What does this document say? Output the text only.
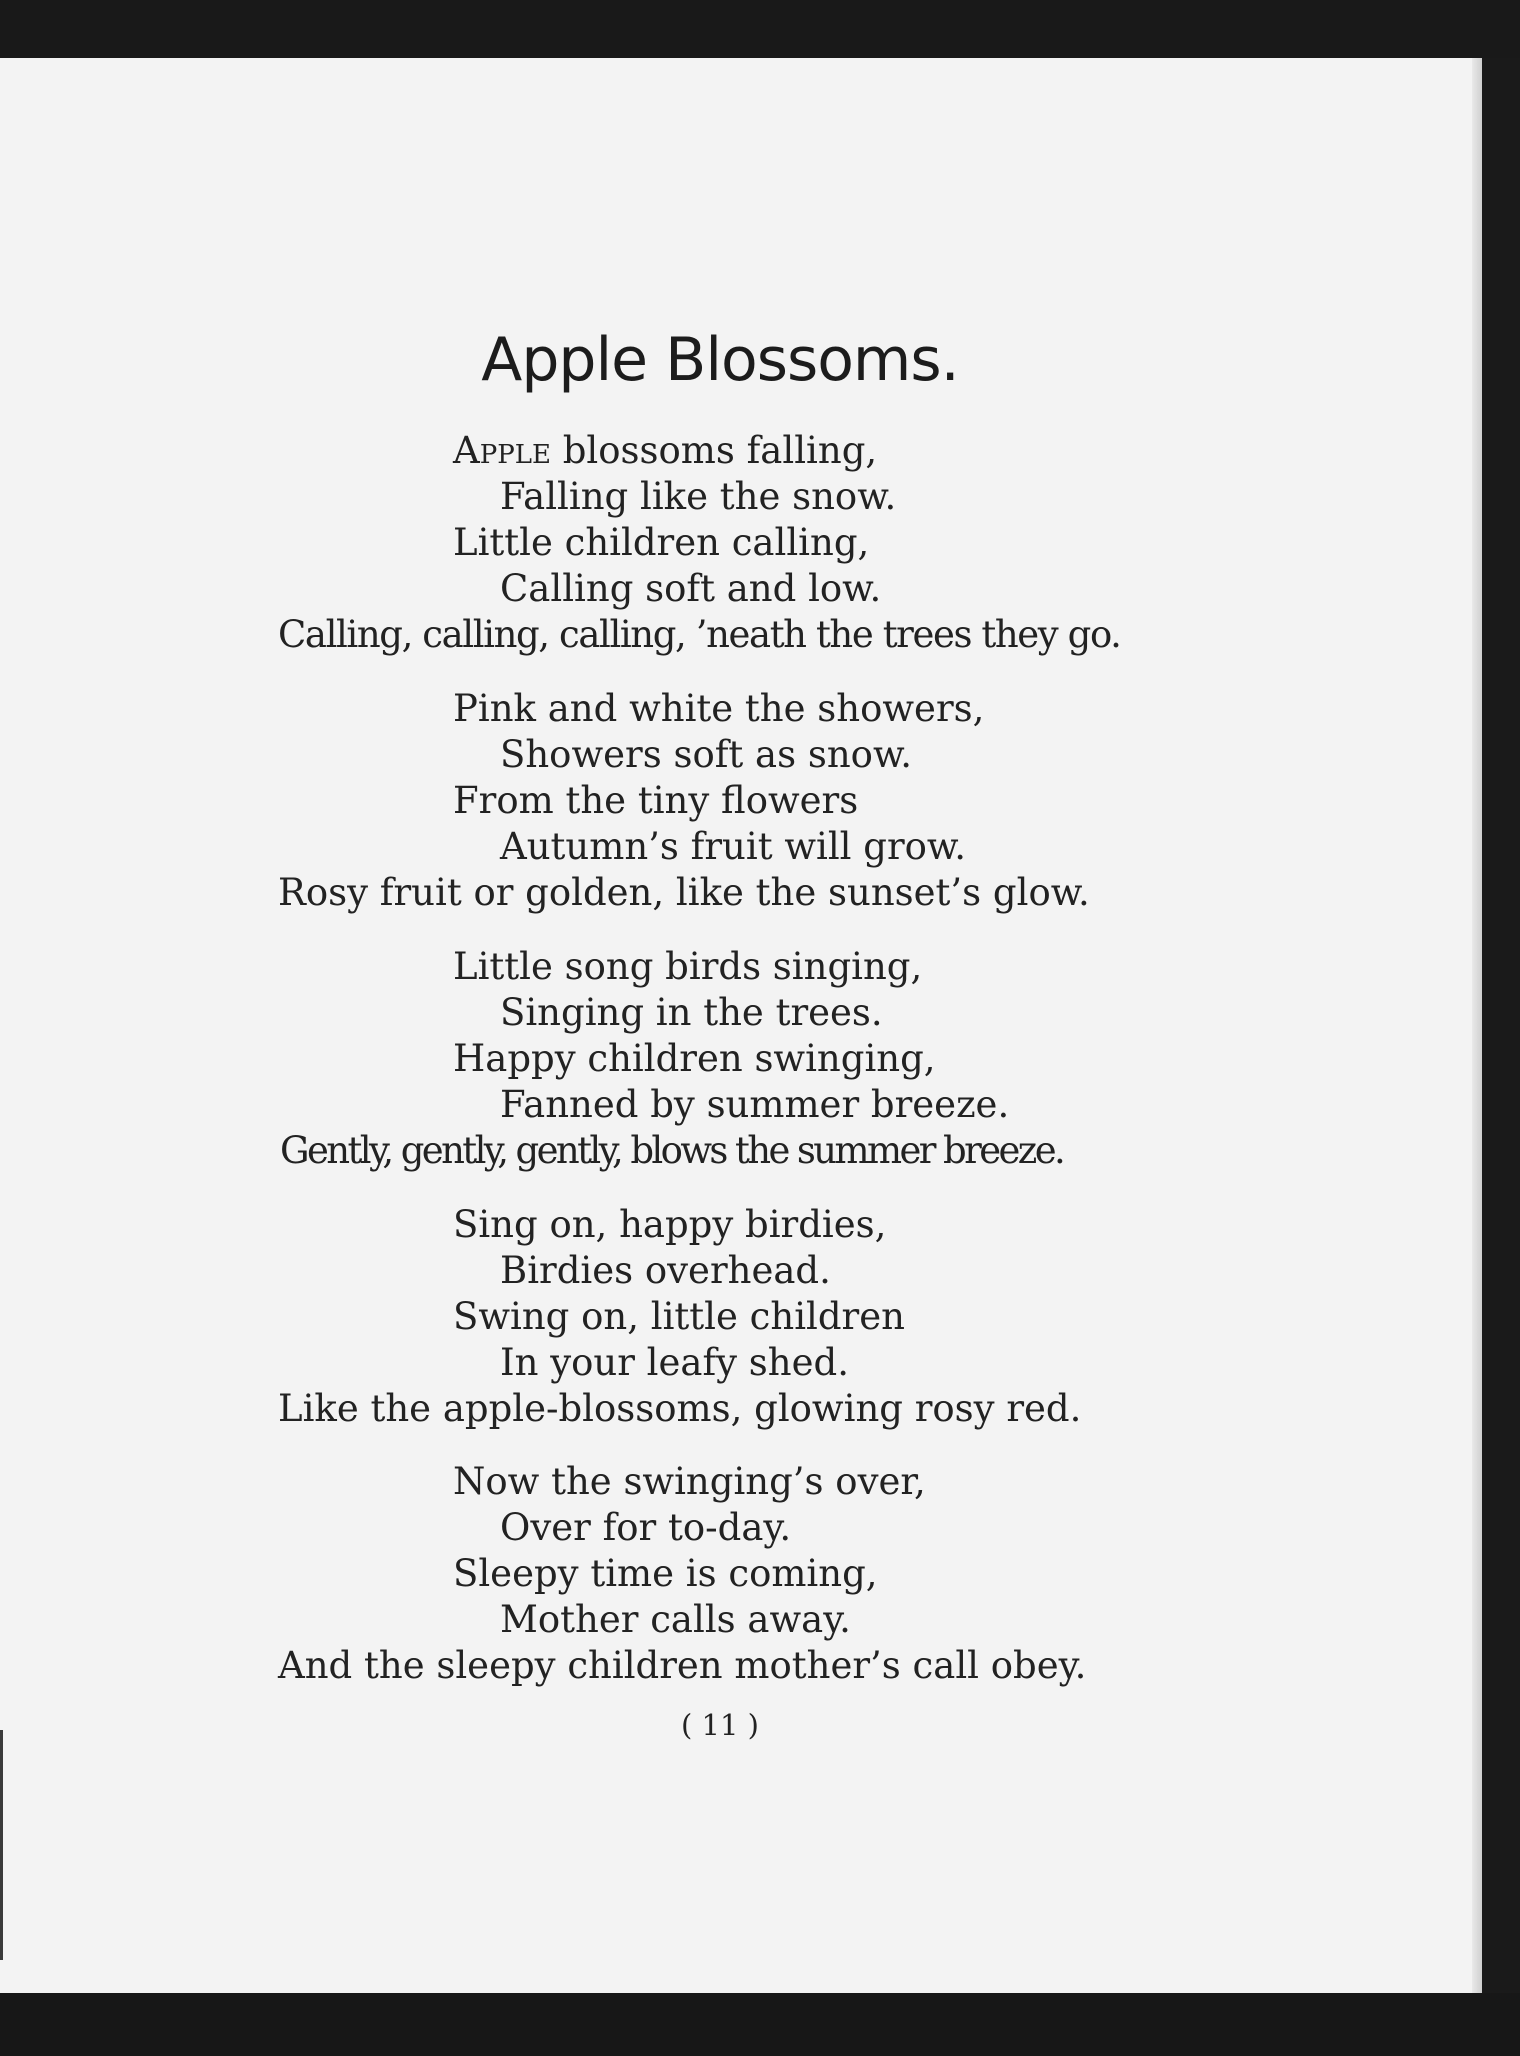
Apple Blossoms.

Apple blossoms falling,

Falling like the snow.

Little children calling,

Calling soft and low.

Calling, calling, calling, ’neath the trees they go.

Pink and white the showers,

Showers soft as snow.

From the tiny flowers

Autumn’s fruit will grow.

Rosy fruit or golden, like the sunset’s glow.

Little song birds singing,

Singing in the trees.

Happy children swinging,

Fanned by summer breeze.

Gently, gently, gently, blows the summer breeze.

Sing on, happy birdies,

Birdies overhead.

Swing on, little children

In your leafy shed.

Like the apple-blossoms, glowing rosy red.

Now the swinging’s over,

Over for to-day.

Sleepy time is coming,

Mother calls away.

And the sleepy children mother’s call obey.

( 11 )
